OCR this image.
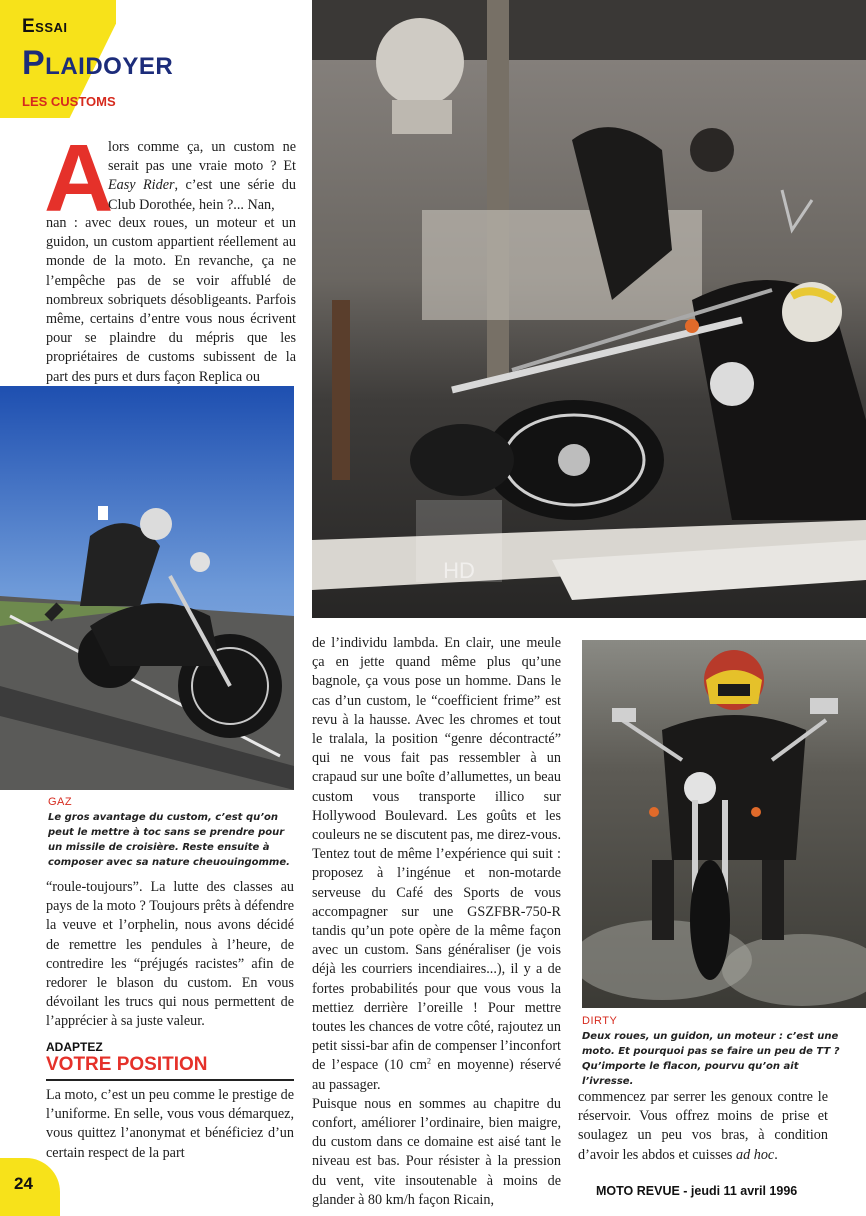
Essai
Plaidoyer
LES CUSTOMS
HD
A

lors comme ça, un custom ne serait pas une vraie moto ? Et Easy Rider, c’est une série du Club Dorothée, hein ?... Nan,

nan : avec deux roues, un moteur et un guidon, un custom appartient réellement au monde de la moto. En revanche, ça ne l’empêche pas de se voir affublé de nombreux sobriquets désobligeants. Parfois même, certains d’entre vous nous écrivent pour se plaindre du mépris que les propriétaires de customs subissent de la part des purs et durs façon Replica ou

GAZ

Le gros avantage du custom, c’est qu’on peut le mettre à toc sans se prendre pour un missile de croisière. Reste ensuite à composer avec sa nature cheuouingomme.

“roule-toujours”. La lutte des classes au pays de la moto ? Toujours prêts à défendre la veuve et l’orphelin, nous avons décidé de remettre les pendules à l’heure, de contredire les “préjugés racistes” afin de redorer le blason du custom. En vous dévoilant les trucs qui nous permettent de l’apprécier à sa juste valeur.

ADAPTEZ
VOTRE POSITION

La moto, c’est un peu comme le prestige de l’uniforme. En selle, vous vous démarquez, vous quittez l’anonymat et bénéficiez d’un certain respect de la part

de l’individu lambda. En clair, une meule ça en jette quand même plus qu’une bagnole, ça vous pose un homme. Dans le cas d’un custom, le “coefficient frime” est revu à la hausse. Avec les chromes et tout le tralala, la position “genre décontracté” qui ne vous fait pas ressembler à un crapaud sur une boîte d’allumettes, un beau custom vous transporte illico sur Hollywood Boulevard. Les goûts et les couleurs ne se discutent pas, me direz-vous. Tentez tout de même l’expérience qui suit : proposez à l’ingénue et non-motarde serveuse du Café des Sports de vous accompagner sur une GSZFBR-750-R tandis qu’un pote opère de la même façon avec un custom. Sans généraliser (je vois déjà les courriers incendiaires...), il y a de fortes probabilités pour que vous vous la mettiez derrière l’oreille ! Pour mettre toutes les chances de votre côté, rajoutez un petit sissi-bar afin de compenser l’inconfort de l’espace (10 $cm^2$ en moyenne) réservé au passager.

Puisque nous en sommes au chapitre du confort, améliorer l’ordinaire, bien maigre, du custom dans ce domaine est aisé tant le niveau est bas. Pour résister à la pression du vent, vite insoutenable à moins de glander à 80 km/h façon Ricain,

DIRTY

Deux roues, un guidon, un moteur : c’est une moto. Et pourquoi pas se faire un peu de TT ? Qu’importe le flacon, pourvu qu’on ait l’ivresse.

commencez par serrer les genoux contre le réservoir. Vous offrez moins de prise et soulagez un peu vos bras, à condition d’avoir les abdos et cuisses ad hoc.

24	MOTO REVUE - jeudi 11 avril 1996
